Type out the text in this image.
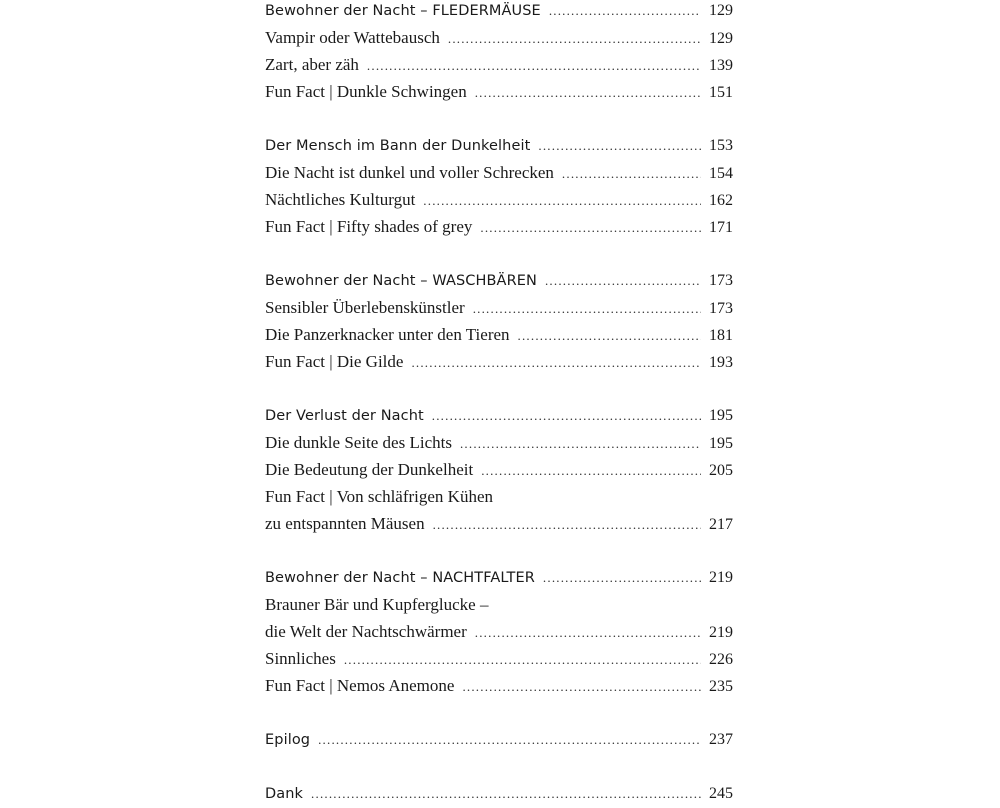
Bewohner der Nacht – FLEDERMÄUSE .....	129
Vampir oder Wattebausch .....	129
Zart, aber zäh .....	139
Fun Fact | Dunkle Schwingen .....	151
Der Mensch im Bann der Dunkelheit .....	153
Die Nacht ist dunkel und voller Schrecken .....	154
Nächtliches Kulturgut .....	162
Fun Fact | Fifty shades of grey .....	171
Bewohner der Nacht – WASCHBÄREN .....	173
Sensibler Überlebenskünstler .....	173
Die Panzerknacker unter den Tieren .....	181
Fun Fact | Die Gilde .....	193
Der Verlust der Nacht .....	195
Die dunkle Seite des Lichts .....	195
Die Bedeutung der Dunkelheit .....	205
Fun Fact | Von schläfrigen Kühen
zu entspannten Mäusen .....	217
Bewohner der Nacht – NACHTFALTER .....	219
Brauner Bär und Kupferglucke –
die Welt der Nachtschwärmer .....	219
Sinnliches .....	226
Fun Fact | Nemos Anemone .....	235
Epilog .....	237
Dank .....	245
